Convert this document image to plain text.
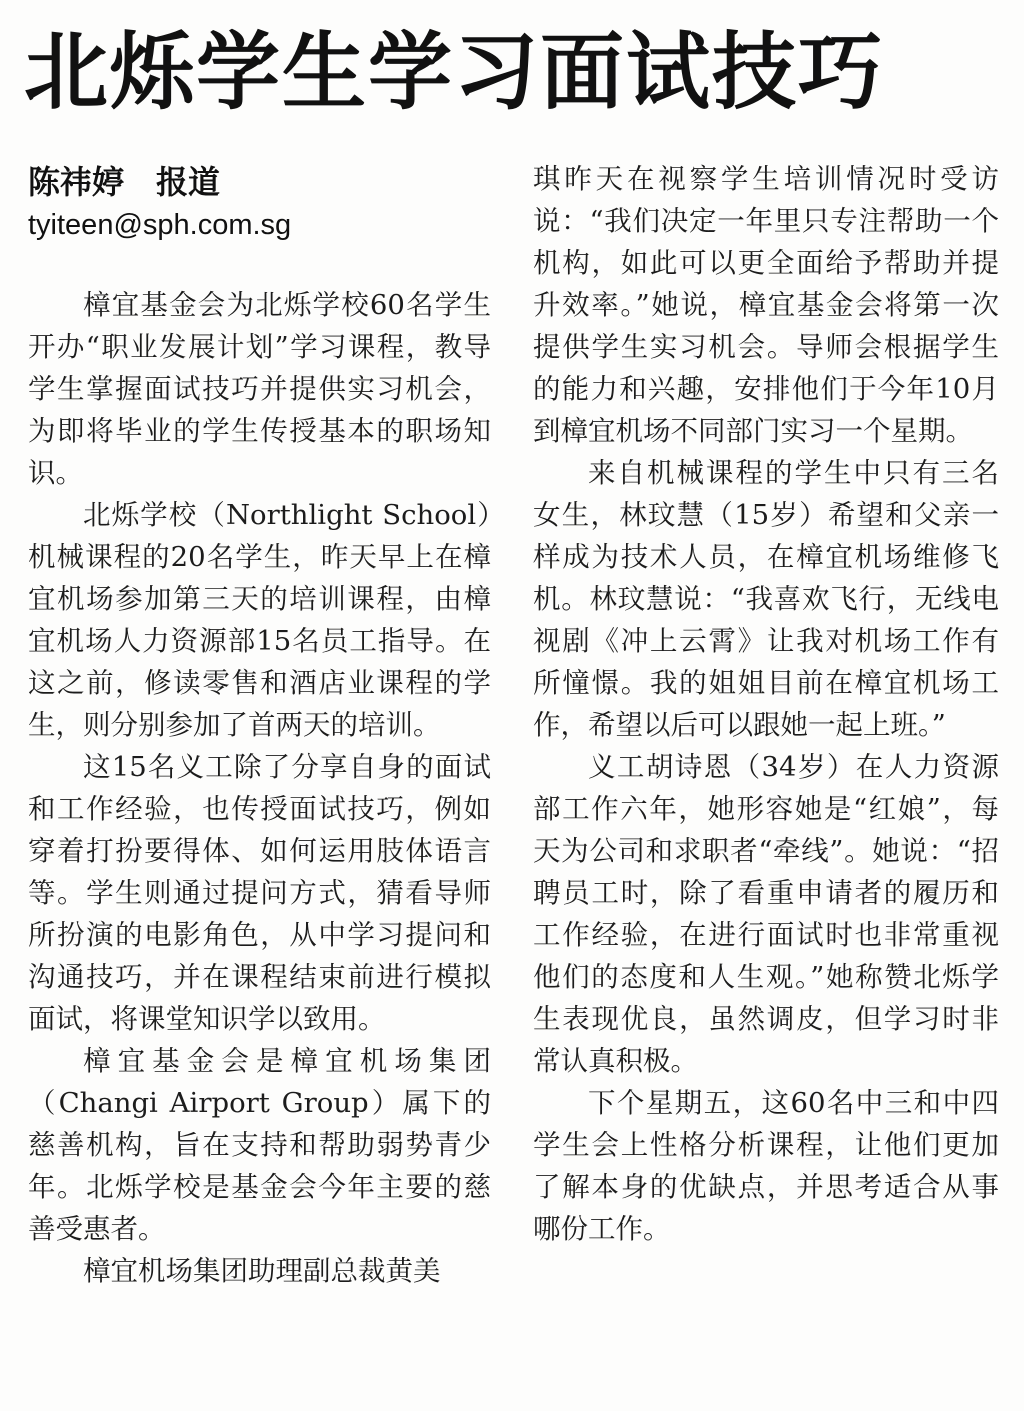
北烁学生学习面试技巧
陈祎婷　报道
tyiteen@sph.com.sg

樟宜基金会为北烁学校60名学生开办“职业发展计划”学习课程，教导学生掌握面试技巧并提供实习机会，为即将毕业的学生传授基本的职场知识。

北烁学校（Northlight School）机械课程的20名学生，昨天早上在樟宜机场参加第三天的培训课程，由樟宜机场人力资源部15名员工指导。在这之前，修读零售和酒店业课程的学生，则分别参加了首两天的培训。

这15名义工除了分享自身的面试和工作经验，也传授面试技巧，例如穿着打扮要得体、如何运用肢体语言等。学生则通过提问方式，猜看导师所扮演的电影角色，从中学习提问和沟通技巧，并在课程结束前进行模拟面试，将课堂知识学以致用。

樟宜基金会是樟宜机场集团（Changi Airport Group）属下的慈善机构，旨在支持和帮助弱势青少年。北烁学校是基金会今年主要的慈善受惠者。

樟宜机场集团助理副总裁黄美

琪昨天在视察学生培训情况时受访说：“我们决定一年里只专注帮助一个机构，如此可以更全面给予帮助并提升效率。”她说，樟宜基金会将第一次提供学生实习机会。导师会根据学生的能力和兴趣，安排他们于今年10月到樟宜机场不同部门实习一个星期。

来自机械课程的学生中只有三名女生，林玟慧（15岁）希望和父亲一样成为技术人员，在樟宜机场维修飞机。林玟慧说：“我喜欢飞行，无线电视剧《冲上云霄》让我对机场工作有所憧憬。我的姐姐目前在樟宜机场工作，希望以后可以跟她一起上班。”

义工胡诗恩（34岁）在人力资源部工作六年，她形容她是“红娘”，每天为公司和求职者“牵线”。她说：“招聘员工时，除了看重申请者的履历和工作经验，在进行面试时也非常重视他们的态度和人生观。”她称赞北烁学生表现优良，虽然调皮，但学习时非常认真积极。

下个星期五，这60名中三和中四学生会上性格分析课程，让他们更加了解本身的优缺点，并思考适合从事哪份工作。
